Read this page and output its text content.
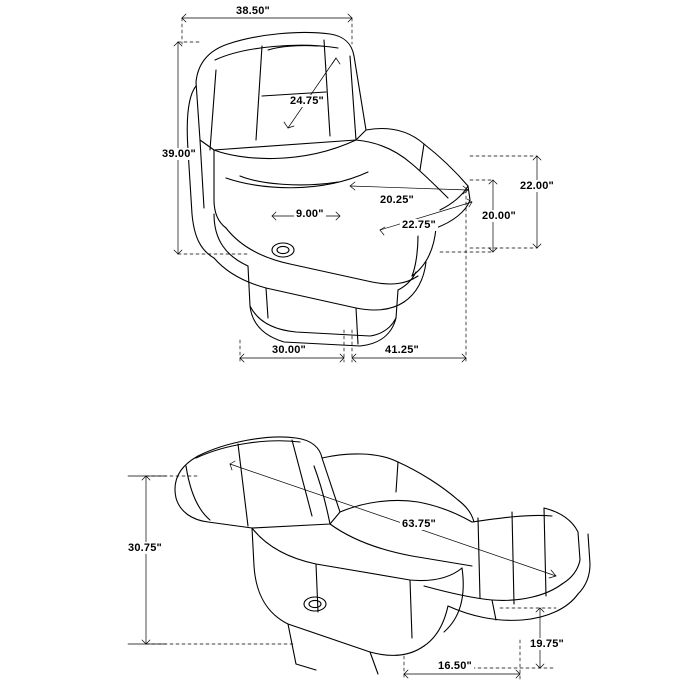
38.50"
24.75"
39.00"
20.25"
9.00"
22.75"
22.00"
20.00"
30.00"	41.25"
30.75"
63.75"
19.75"
16.50"
